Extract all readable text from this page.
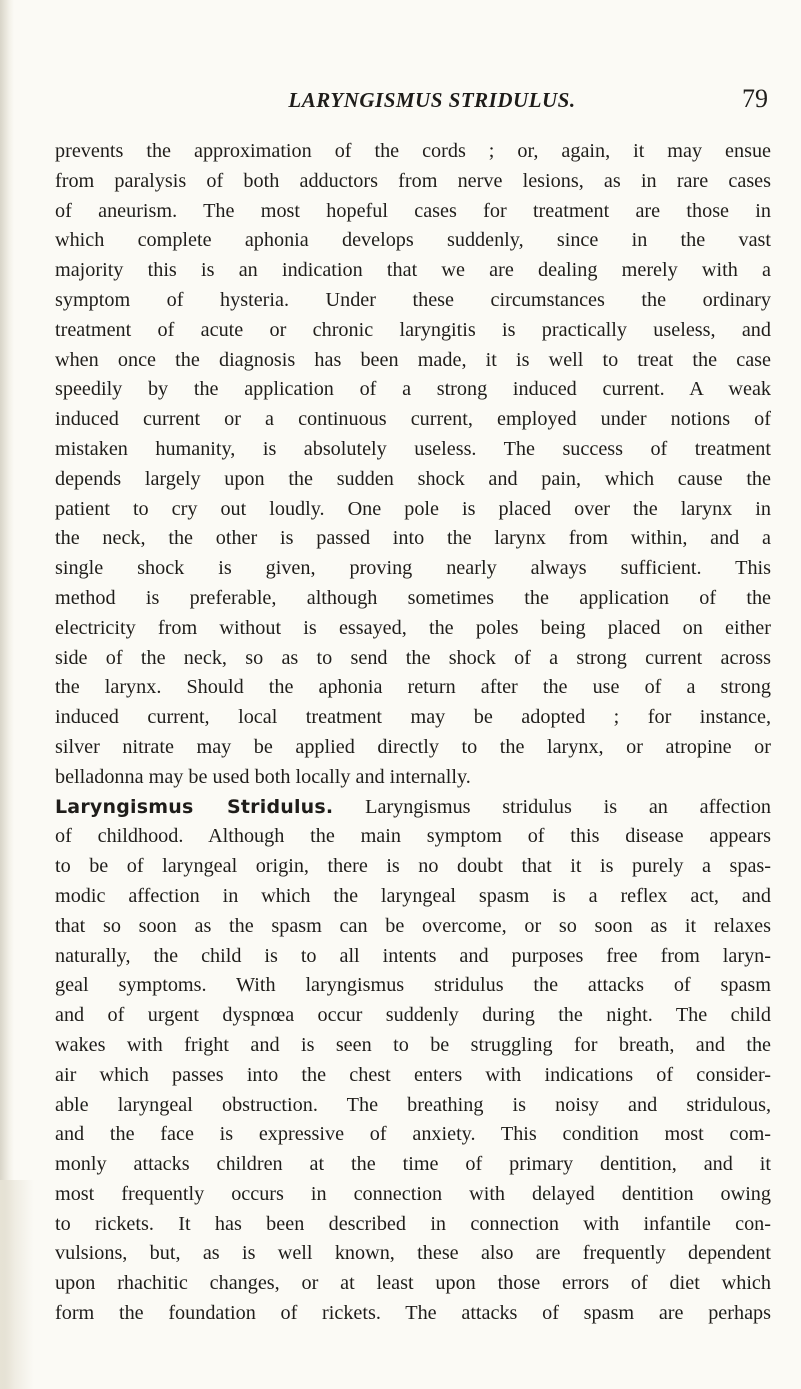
LARYNGISMUS STRIDULUS.	79
prevents the approximation of the cords ; or, again, it may ensue
from paralysis of both adductors from nerve lesions, as in rare cases
of aneurism. The most hopeful cases for treatment are those in
which complete aphonia develops suddenly, since in the vast
majority this is an indication that we are dealing merely with a
symptom of hysteria. Under these circumstances the ordinary
treatment of acute or chronic laryngitis is practically useless, and
when once the diagnosis has been made, it is well to treat the case
speedily by the application of a strong induced current. A weak
induced current or a continuous current, employed under notions of
mistaken humanity, is absolutely useless. The success of treatment
depends largely upon the sudden shock and pain, which cause the
patient to cry out loudly. One pole is placed over the larynx in
the neck, the other is passed into the larynx from within, and a
single shock is given, proving nearly always sufficient. This
method is preferable, although sometimes the application of the
electricity from without is essayed, the poles being placed on either
side of the neck, so as to send the shock of a strong current across
the larynx. Should the aphonia return after the use of a strong
induced current, local treatment may be adopted ; for instance,
silver nitrate may be applied directly to the larynx, or atropine or
belladonna may be used both locally and internally.
Laryngismus Stridulus. Laryngismus stridulus is an affection
of childhood. Although the main symptom of this disease appears
to be of laryngeal origin, there is no doubt that it is purely a spas-
modic affection in which the laryngeal spasm is a reflex act, and
that so soon as the spasm can be overcome, or so soon as it relaxes
naturally, the child is to all intents and purposes free from laryn-
geal symptoms. With laryngismus stridulus the attacks of spasm
and of urgent dyspnœa occur suddenly during the night. The child
wakes with fright and is seen to be struggling for breath, and the
air which passes into the chest enters with indications of consider-
able laryngeal obstruction. The breathing is noisy and stridulous,
and the face is expressive of anxiety. This condition most com-
monly attacks children at the time of primary dentition, and it
most frequently occurs in connection with delayed dentition owing
to rickets. It has been described in connection with infantile con-
vulsions, but, as is well known, these also are frequently dependent
upon rhachitic changes, or at least upon those errors of diet which
form the foundation of rickets. The attacks of spasm are perhaps
